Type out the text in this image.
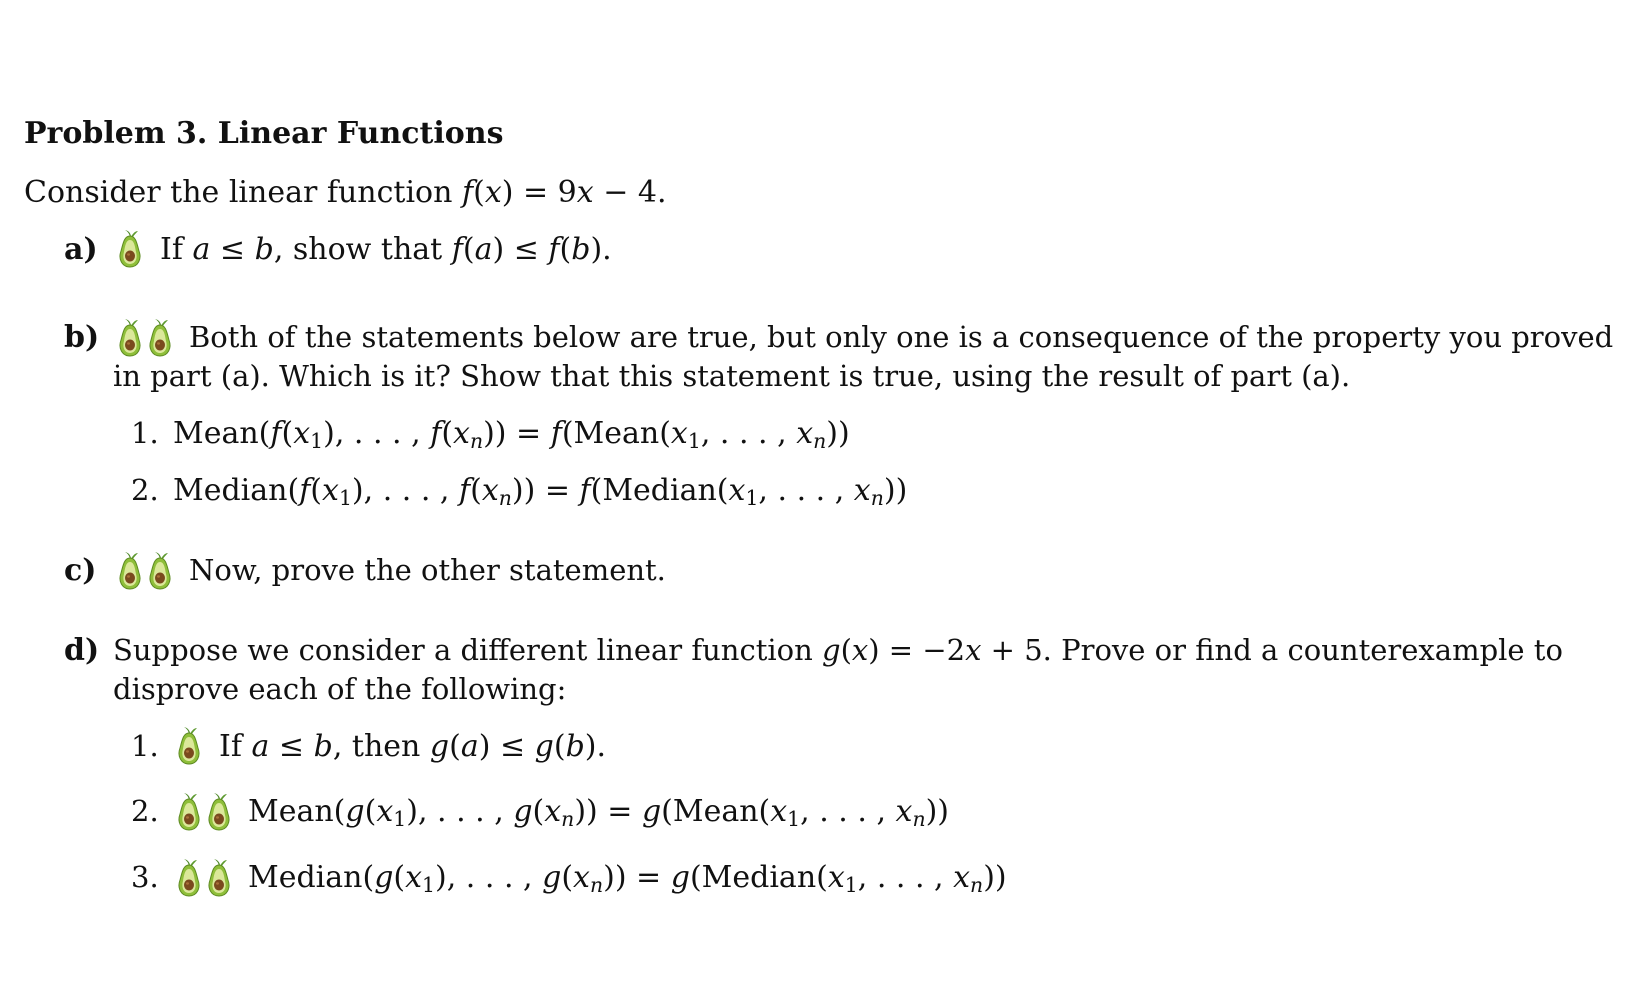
Problem 3. Linear Functions
Consider the linear function f(x) = 9x − 4.
a) If a ≤ b, show that f(a) ≤ f(b).
b)	Both of the statements below are true, but only one is a consequence of the property you proved
in part (a). Which is it? Show that this statement is true, using the result of part (a).
1. $Mean(f(x_1)$, . . . , $f(x_n)$) = $f(Mean(x_1$, . . . , $x_n$))
2. $Median(f(x_1)$, . . . , $f(x_n)$) = $f(Median(x_1$, . . . , $x_n$))
c)	Now, prove the other statement.
d) Suppose we consider a different linear function g(x) = −2x + 5. Prove or find a counterexample to
disprove each of the following:
1. If a ≤ b, then g(a) ≤ g(b).
2.	$Mean(g(x_1)$, . . . , $g(x_n)$) = $g(Mean(x_1$, . . . , $x_n$))
3.	$Median(g(x_1)$, . . . , $g(x_n)$) = $g(Median(x_1$, . . . , $x_n$))
